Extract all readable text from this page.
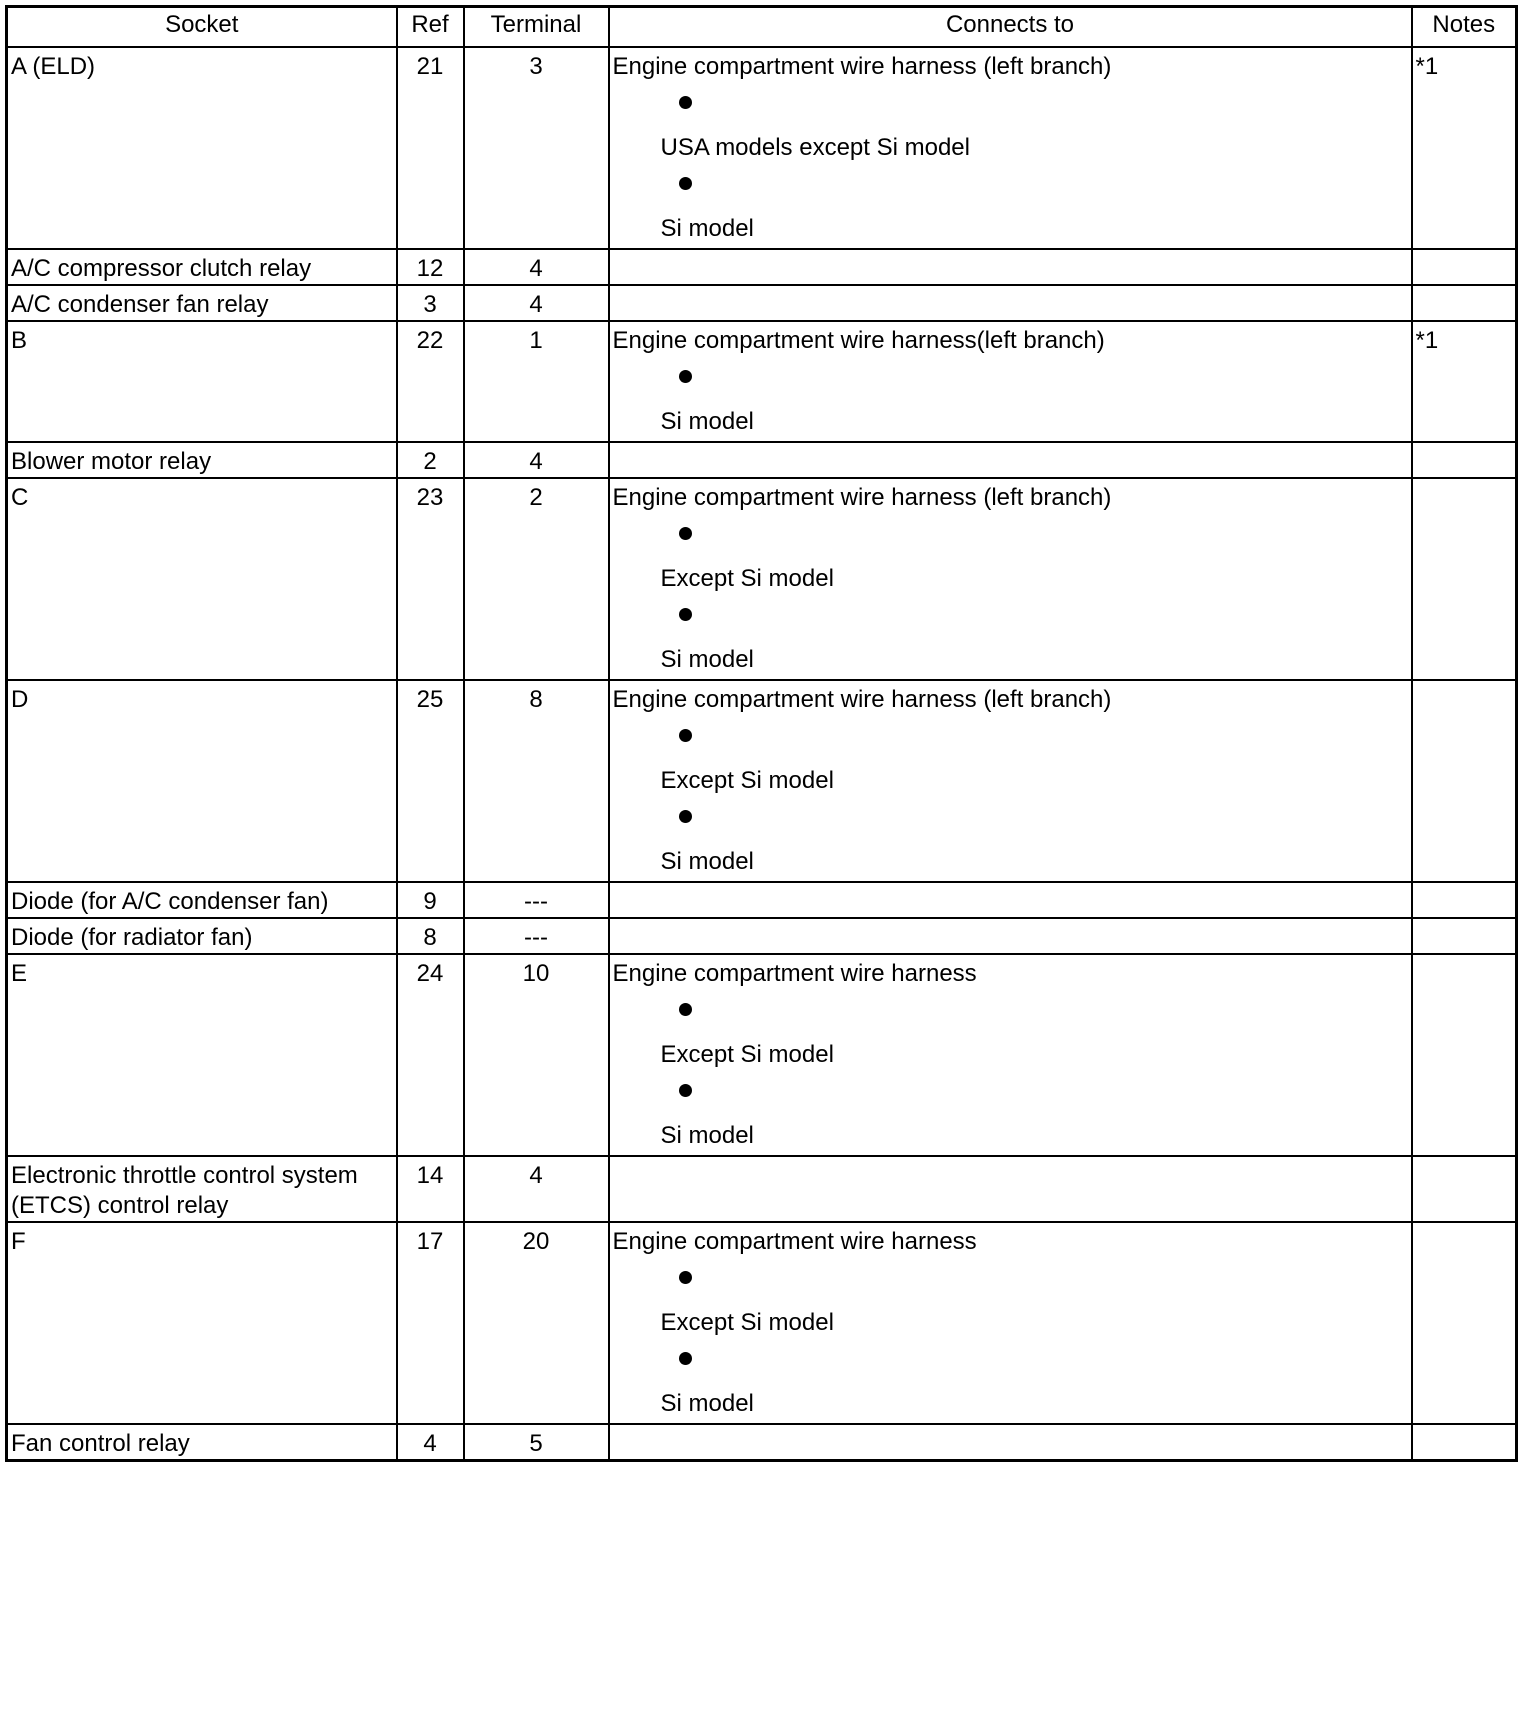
Socket	Ref	Terminal	Connects to	Notes

A (ELD)	21	3	Engine compartment wire harness (left branch)
USA models except Si model
Si model	*1

A/C compressor clutch relay	12	4		

A/C condenser fan relay	3	4		

B	22	1	Engine compartment wire harness(left branch)
Si model	*1

Blower motor relay	2	4		

C	23	2	Engine compartment wire harness (left branch)
Except Si model
Si model	

D	25	8	Engine compartment wire harness (left branch)
Except Si model
Si model	

Diode (for A/C condenser fan)	9	---		

Diode (for radiator fan)	8	---		

E	24	10	Engine compartment wire harness
Except Si model
Si model	

Electronic throttle control system (ETCS) control relay	14	4		

F	17	20	Engine compartment wire harness
Except Si model
Si model	

Fan control relay	4	5		
